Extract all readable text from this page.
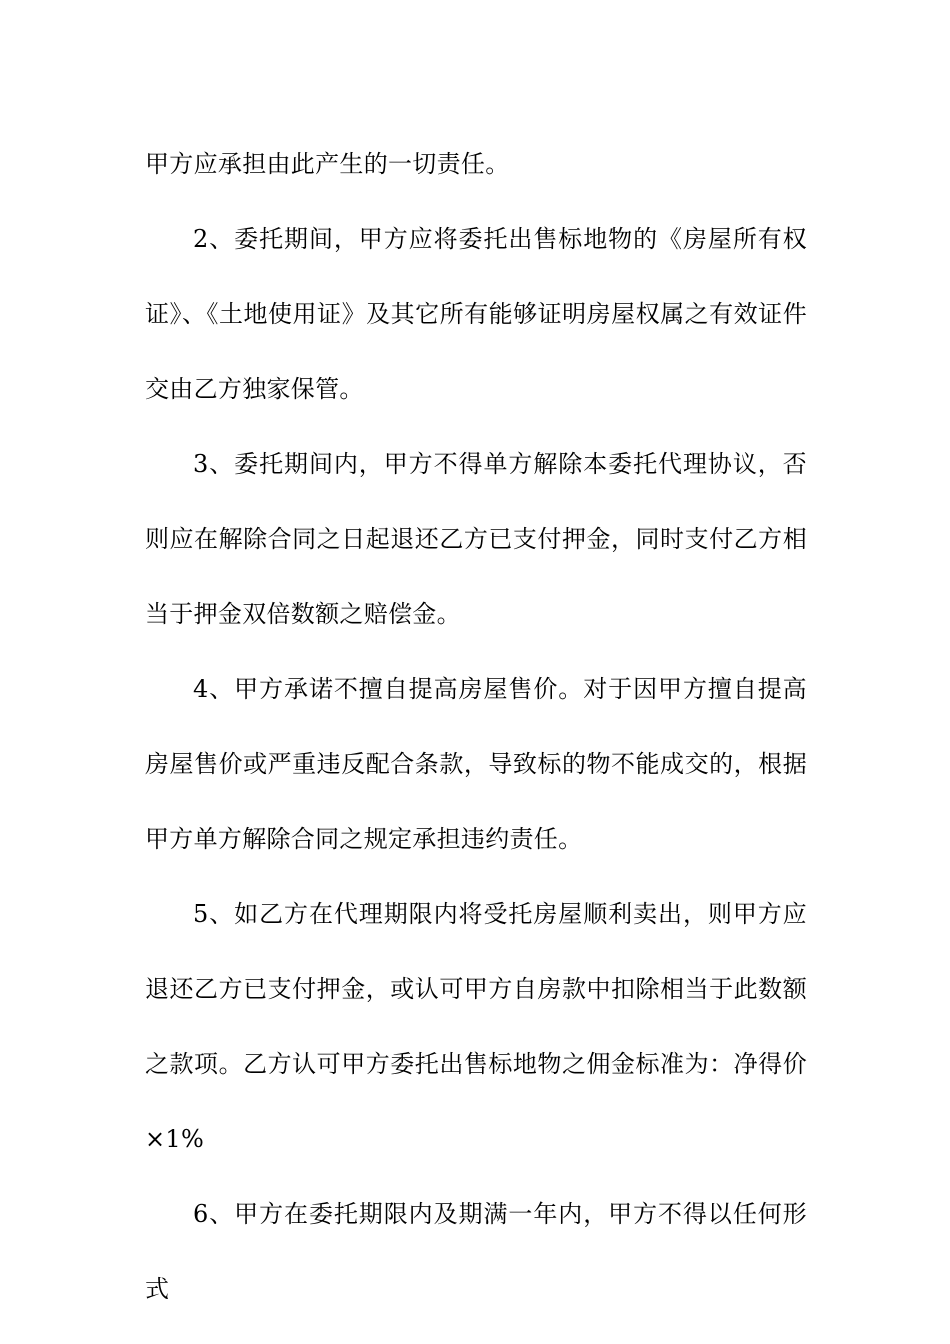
甲方应承担由此产生的一切责任。

2、委托期间，甲方应将委托出售标地物的《房屋所有权证》、《土地使用证》及其它所有能够证明房屋权属之有效证件交由乙方独家保管。

3、委托期间内，甲方不得单方解除本委托代理协议，否则应在解除合同之日起退还乙方已支付押金，同时支付乙方相当于押金双倍数额之赔偿金。

4、甲方承诺不擅自提高房屋售价。对于因甲方擅自提高房屋售价或严重违反配合条款，导致标的物不能成交的，根据甲方单方解除合同之规定承担违约责任。

5、如乙方在代理期限内将受托房屋顺利卖出，则甲方应退还乙方已支付押金，或认可甲方自房款中扣除相当于此数额之款项。乙方认可甲方委托出售标地物之佣金标准为：净得价×1%

6、甲方在委托期限内及期满一年内，甲方不得以任何形式
